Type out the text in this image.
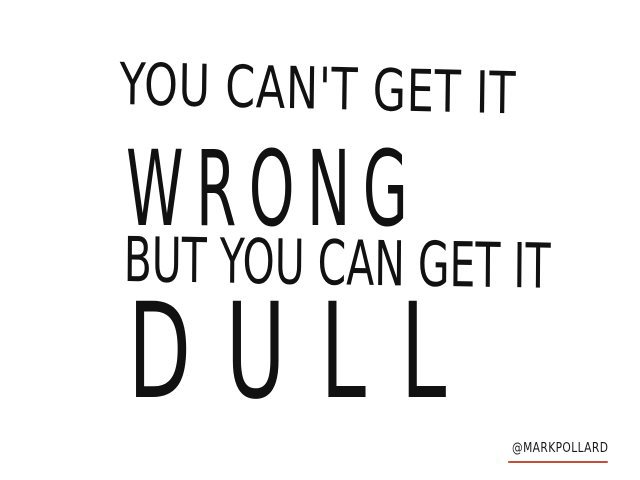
YOU CAN'T GET IT

WRONG

BUT YOU CAN GET IT

DULL

@MARKPOLLARD
